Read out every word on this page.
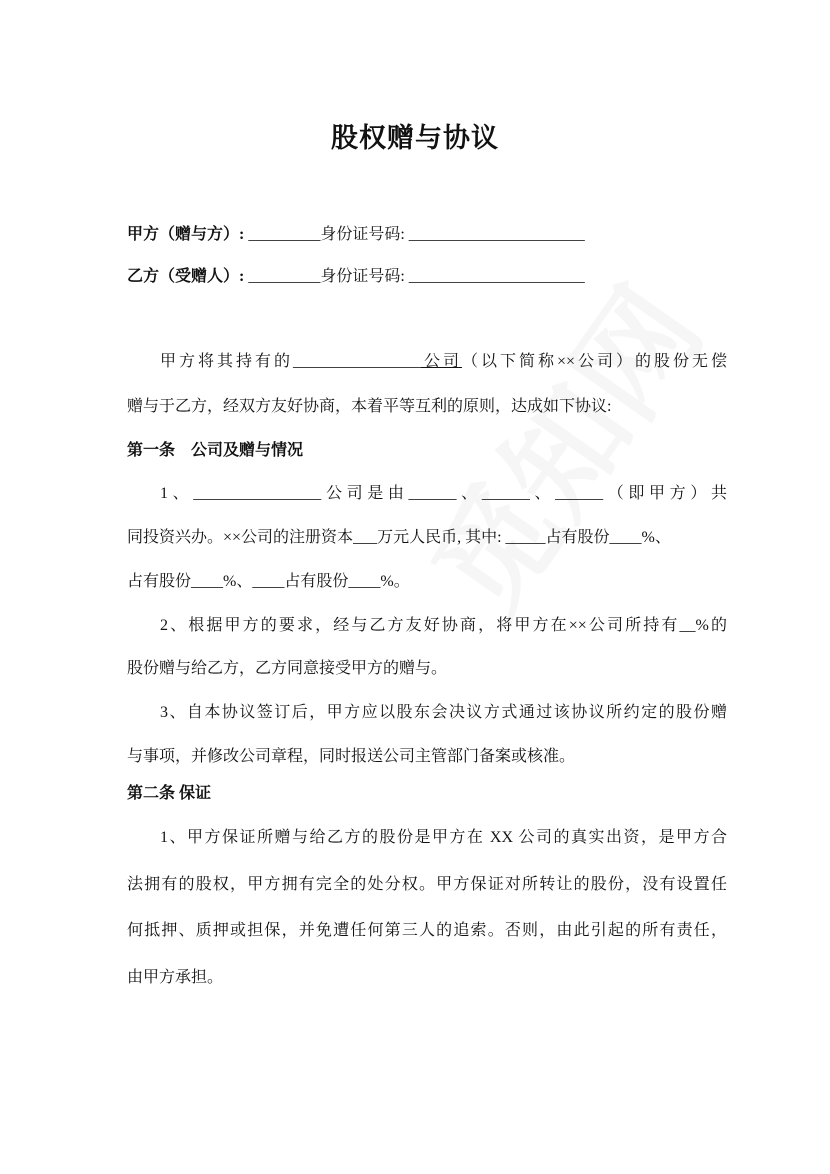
股权赠与协议
甲方（赠与方）: _________身份证号码: ______________________
乙方（受赠人）: _________身份证号码: ______________________
甲方将其持有的________________公司（以下简称××公司）的股份无偿
赠与于乙方，经双方友好协商，本着平等互利的原则，达成如下协议:
第一条　公司及赠与情况
1、________________公司是由______、______、______（即甲方）共
同投资兴办。××公司的注册资本___万元人民币, 其中: _____占有股份____%、
占有股份____%、____占有股份____%。
2、根据甲方的要求，经与乙方友好协商，将甲方在××公司所持有__%的
股份赠与给乙方，乙方同意接受甲方的赠与。
3、自本协议签订后，甲方应以股东会决议方式通过该协议所约定的股份赠
与事项，并修改公司章程，同时报送公司主管部门备案或核准。
第二条 保证
1、甲方保证所赠与给乙方的股份是甲方在 XX 公司的真实出资，是甲方合
法拥有的股权，甲方拥有完全的处分权。甲方保证对所转让的股份，没有设置任
何抵押、质押或担保，并免遭任何第三人的追索。否则，由此引起的所有责任，
由甲方承担。
